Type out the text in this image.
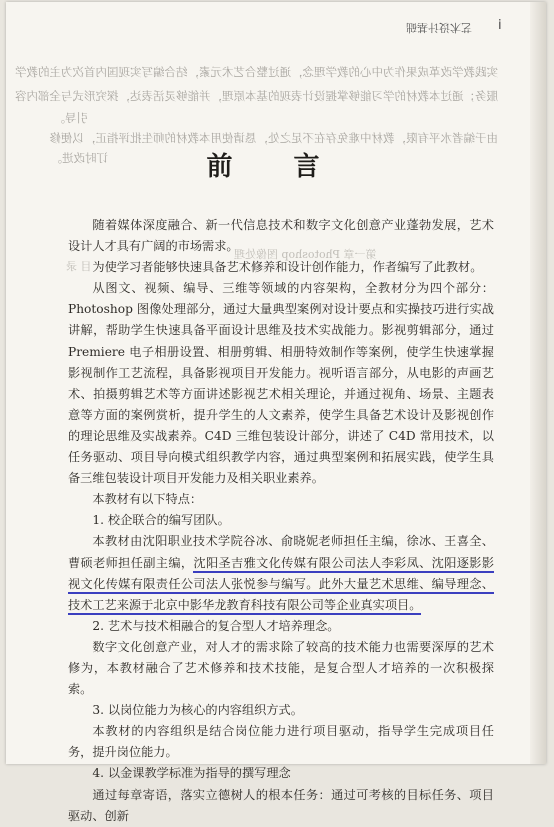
艺术设计基础 i
实践教学改革成果作为中心的教学理念，通过整合艺术元素，结合编写实现国内首次为主的教学
服务；通过本教材的学习能够掌握设计表现的基本原理，并能够灵活表达，探究形式与全部内容
引导。
由于编者水平有限，教材中难免存在不足之处，恳请使用本教材的师生批评指正，以便修
订时改进。
第一章 Photoshop 图像处理
目 录
前 言

随着媒体深度融合、新一代信息技术和数字文化创意产业蓬勃发展，艺术设计人才具有广阔的市场需求。

为使学习者能够快速具备艺术修养和设计创作能力，作者编写了此教材。

从图文、视频、编导、三维等领域的内容架构，全教材分为四个部分：Photoshop 图像处理部分，通过大量典型案例对设计要点和实操技巧进行实战讲解，帮助学生快速具备平面设计思维及技术实战能力。影视剪辑部分，通过 Premiere 电子相册设置、相册剪辑、相册特效制作等案例，使学生快速掌握影视制作工艺流程，具备影视项目开发能力。视听语言部分，从电影的声画艺术、拍摄剪辑艺术等方面讲述影视艺术相关理论，并通过视角、场景、主题表意等方面的案例赏析，提升学生的人文素养，使学生具备艺术设计及影视创作的理论思维及实战素养。C4D 三维包装设计部分，讲述了 C4D 常用技术，以任务驱动、项目导向模式组织教学内容，通过典型案例和拓展实践，使学生具备三维包装设计项目开发能力及相关职业素养。

本教材有以下特点：

1. 校企联合的编写团队。

本教材由沈阳职业技术学院谷冰、俞晓妮老师担任主编，徐冰、王喜全、曹硕老师担任副主编，沈阳圣吉雅文化传媒有限公司法人李彩凤、沈阳逐影影视文化传媒有限责任公司法人张悦参与编写。此外大量艺术思维、编导理念、技术工艺来源于北京中影华龙教育科技有限公司等企业真实项目。

2. 艺术与技术相融合的复合型人才培养理念。

数字文化创意产业，对人才的需求除了较高的技术能力也需要深厚的艺术修为，本教材融合了艺术修养和技术技能，是复合型人才培养的一次积极探索。

3. 以岗位能力为核心的内容组织方式。

本教材的内容组织是结合岗位能力进行项目驱动，指导学生完成项目任务，提升岗位能力。

4. 以金课教学标准为指导的撰写理念

通过每章寄语，落实立德树人的根本任务：通过可考核的目标任务、项目驱动、创新
